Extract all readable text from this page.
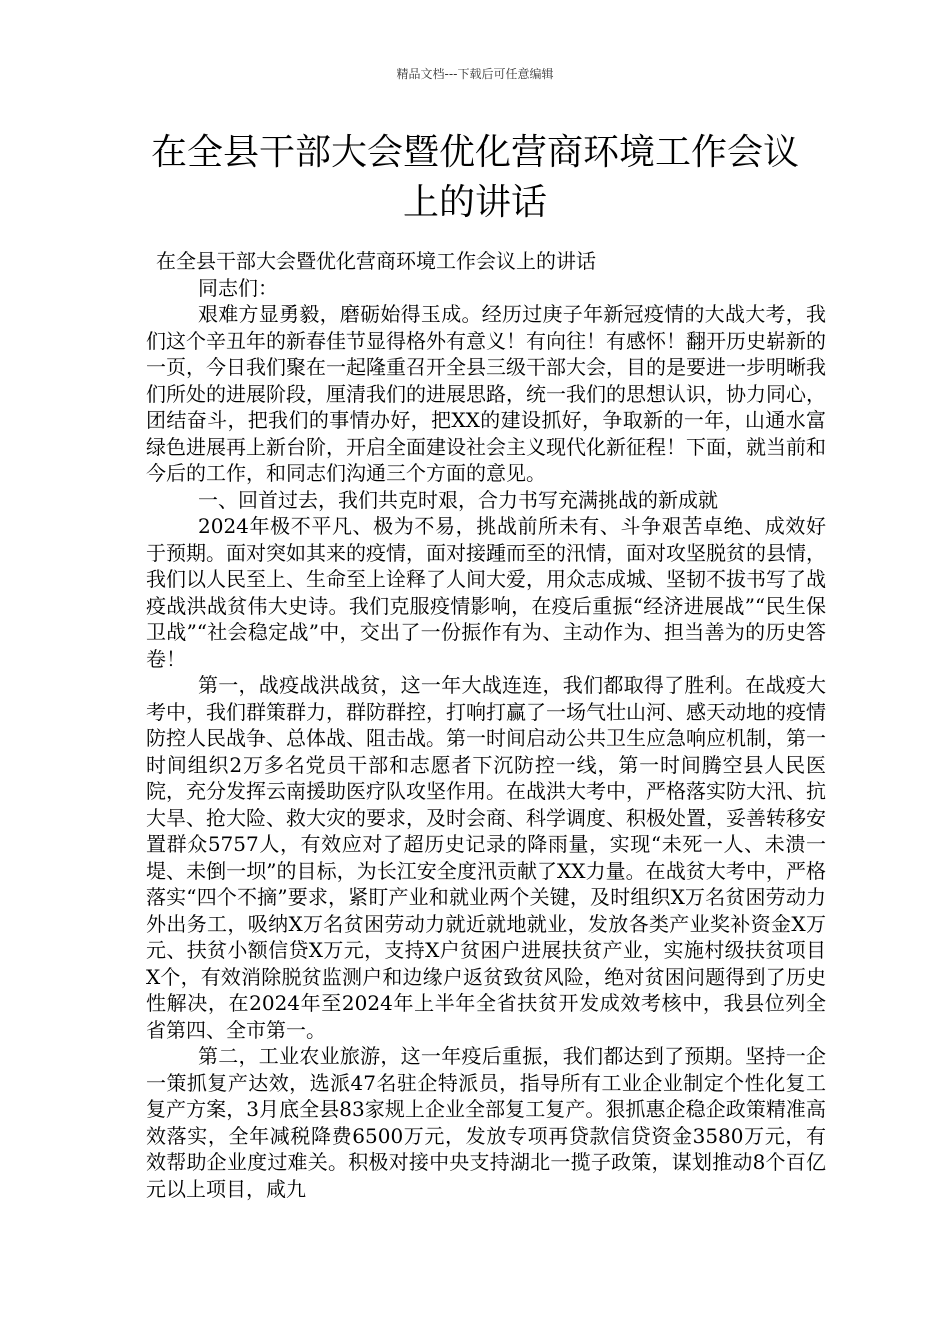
精品文档---下载后可任意编辑
在全县干部大会暨优化营商环境工作会议上的讲话

在全县干部大会暨优化营商环境工作会议上的讲话

同志们：

艰难方显勇毅，磨砺始得玉成。经历过庚子年新冠疫情的大战大考，我们这个辛丑年的新春佳节显得格外有意义！有向往！有感怀！翻开历史崭新的一页，今日我们聚在一起隆重召开全县三级干部大会，目的是要进一步明晰我们所处的进展阶段，厘清我们的进展思路，统一我们的思想认识，协力同心，团结奋斗，把我们的事情办好，把XX的建设抓好，争取新的一年，山通水富绿色进展再上新台阶，开启全面建设社会主义现代化新征程！下面，就当前和今后的工作，和同志们沟通三个方面的意见。

一、回首过去，我们共克时艰，合力书写充满挑战的新成就

2024年极不平凡、极为不易，挑战前所未有、斗争艰苦卓绝、成效好于预期。面对突如其来的疫情，面对接踵而至的汛情，面对攻坚脱贫的县情，我们以人民至上、生命至上诠释了人间大爱，用众志成城、坚韧不拔书写了战疫战洪战贫伟大史诗。我们克服疫情影响，在疫后重振“经济进展战”“民生保卫战”“社会稳定战”中，交出了一份振作有为、主动作为、担当善为的历史答卷！

第一，战疫战洪战贫，这一年大战连连，我们都取得了胜利。在战疫大考中，我们群策群力，群防群控，打响打赢了一场气壮山河、感天动地的疫情防控人民战争、总体战、阻击战。第一时间启动公共卫生应急响应机制，第一时间组织2万多名党员干部和志愿者下沉防控一线，第一时间腾空县人民医院，充分发挥云南援助医疗队攻坚作用。在战洪大考中，严格落实防大汛、抗大旱、抢大险、救大灾的要求，及时会商、科学调度、积极处置，妥善转移安置群众5757人，有效应对了超历史记录的降雨量，实现“未死一人、未溃一堤、未倒一坝”的目标，为长江安全度汛贡献了XX力量。在战贫大考中，严格落实“四个不摘”要求，紧盯产业和就业两个关键，及时组织X万名贫困劳动力外出务工，吸纳X万名贫困劳动力就近就地就业，发放各类产业奖补资金X万元、扶贫小额信贷X万元，支持X户贫困户进展扶贫产业，实施村级扶贫项目X个，有效消除脱贫监测户和边缘户返贫致贫风险，绝对贫困问题得到了历史性解决，在2024年至2024年上半年全省扶贫开发成效考核中，我县位列全省第四、全市第一。

第二，工业农业旅游，这一年疫后重振，我们都达到了预期。坚持一企一策抓复产达效，选派47名驻企特派员，指导所有工业企业制定个性化复工复产方案，3月底全县83家规上企业全部复工复产。狠抓惠企稳企政策精准高效落实，全年减税降费6500万元，发放专项再贷款信贷资金3580万元，有效帮助企业度过难关。积极对接中央支持湖北一揽子政策，谋划推动8个百亿元以上项目，咸九
